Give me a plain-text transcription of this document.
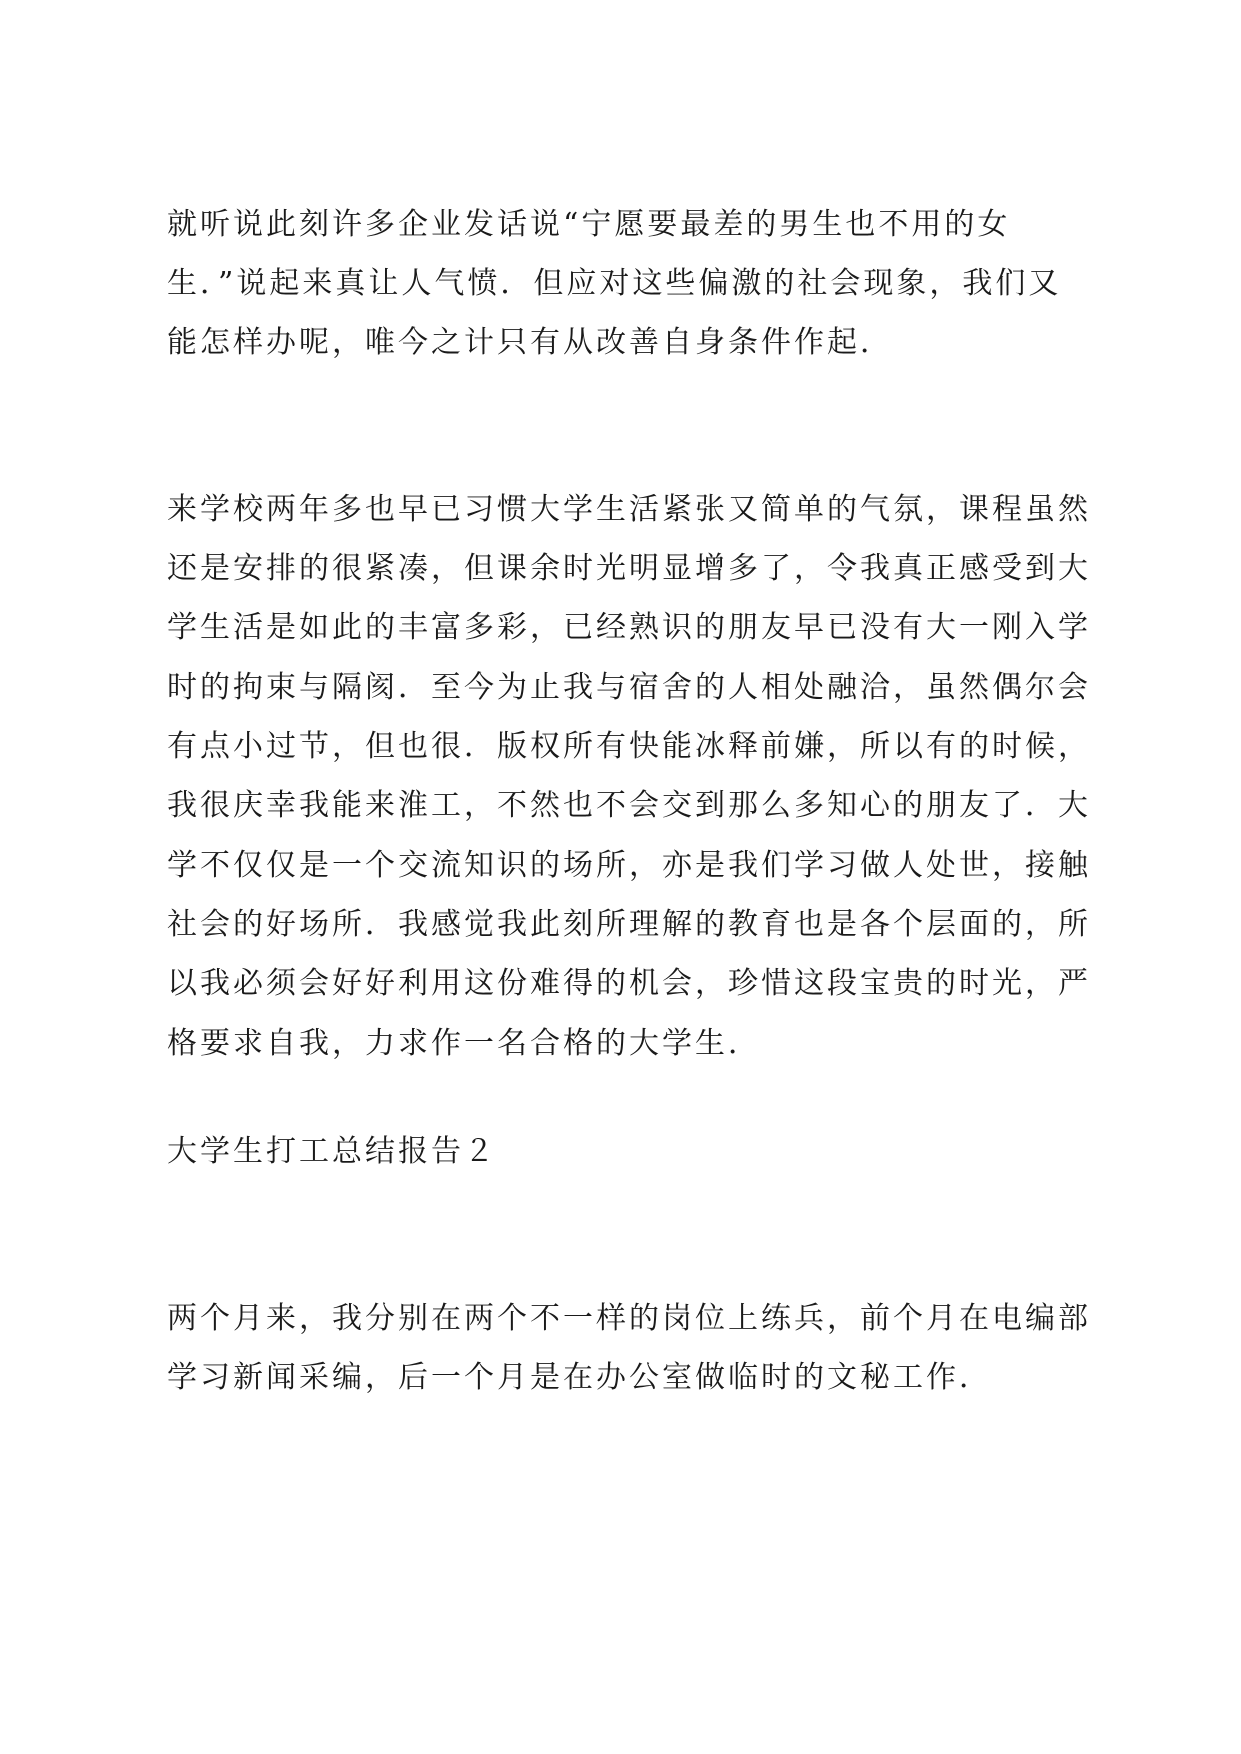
就听说此刻许多企业发话说“宁愿要最差的男生也不用的女
生．”说起来真让人气愤．但应对这些偏激的社会现象，我们又
能怎样办呢，唯今之计只有从改善自身条件作起．
来学校两年多也早已习惯大学生活紧张又简单的气氛，课程虽然
还是安排的很紧凑，但课余时光明显增多了，令我真正感受到大
学生活是如此的丰富多彩，已经熟识的朋友早已没有大一刚入学
时的拘束与隔阂．至今为止我与宿舍的人相处融洽，虽然偶尔会
有点小过节，但也很．版权所有快能冰释前嫌，所以有的时候，
我很庆幸我能来淮工，不然也不会交到那么多知心的朋友了．大
学不仅仅是一个交流知识的场所，亦是我们学习做人处世，接触
社会的好场所．我感觉我此刻所理解的教育也是各个层面的，所
以我必须会好好利用这份难得的机会，珍惜这段宝贵的时光，严
格要求自我，力求作一名合格的大学生．
大学生打工总结报告２
两个月来，我分别在两个不一样的岗位上练兵，前个月在电编部
学习新闻采编，后一个月是在办公室做临时的文秘工作．
